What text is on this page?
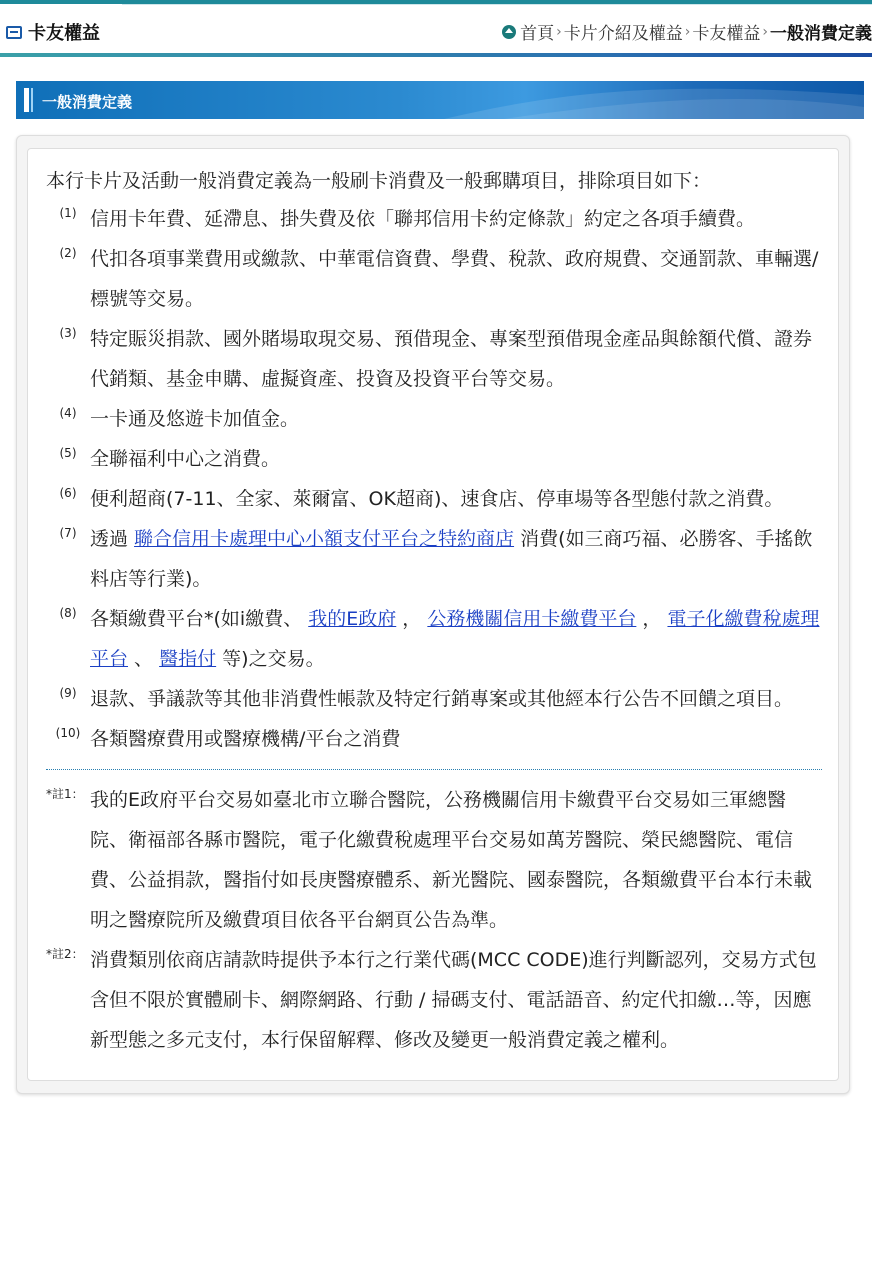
卡友權益	首頁 › 卡片介紹及權益 › 卡友權益 › 一般消費定義
一般消費定義

本行卡片及活動一般消費定義為一般刷卡消費及一般郵購項目，排除項目如下：

(1) 信用卡年費、延滯息、掛失費及依「聯邦信用卡約定條款」約定之各項手續費。
(2) 代扣各項事業費用或繳款、中華電信資費、學費、稅款、政府規費、交通罰款、車輛選/標號等交易。
(3) 特定賑災捐款、國外賭場取現交易、預借現金、專案型預借現金產品與餘額代償、證券代銷類、基金申購、虛擬資產、投資及投資平台等交易。
(4) 一卡通及悠遊卡加值金。
(5) 全聯福利中心之消費。
(6) 便利超商(7-11、全家、萊爾富、OK超商)、速食店、停車場等各型態付款之消費。
(7) 透過 聯合信用卡處理中心小額支付平台之特約商店 消費(如三商巧福、必勝客、手搖飲料店等行業)。
(8) 各類繳費平台*(如i繳費、 我的E政府 ， 公務機關信用卡繳費平台 ， 電子化繳費稅處理平台 、 醫指付 等)之交易。
(9) 退款、爭議款等其他非消費性帳款及特定行銷專案或其他經本行公告不回饋之項目。
(10) 各類醫療費用或醫療機構/平台之消費

*註1： 我的E政府平台交易如臺北市立聯合醫院，公務機關信用卡繳費平台交易如三軍總醫院、衛福部各縣市醫院，電子化繳費稅處理平台交易如萬芳醫院、榮民總醫院、電信費、公益捐款，醫指付如長庚醫療體系、新光醫院、國泰醫院，各類繳費平台本行未載明之醫療院所及繳費項目依各平台網頁公告為準。

*註2： 消費類別依商店請款時提供予本行之行業代碼(MCC CODE)進行判斷認列，交易方式包含但不限於實體刷卡、網際網路、行動 / 掃碼支付、電話語音、約定代扣繳…等，因應新型態之多元支付，本行保留解釋、修改及變更一般消費定義之權利。
